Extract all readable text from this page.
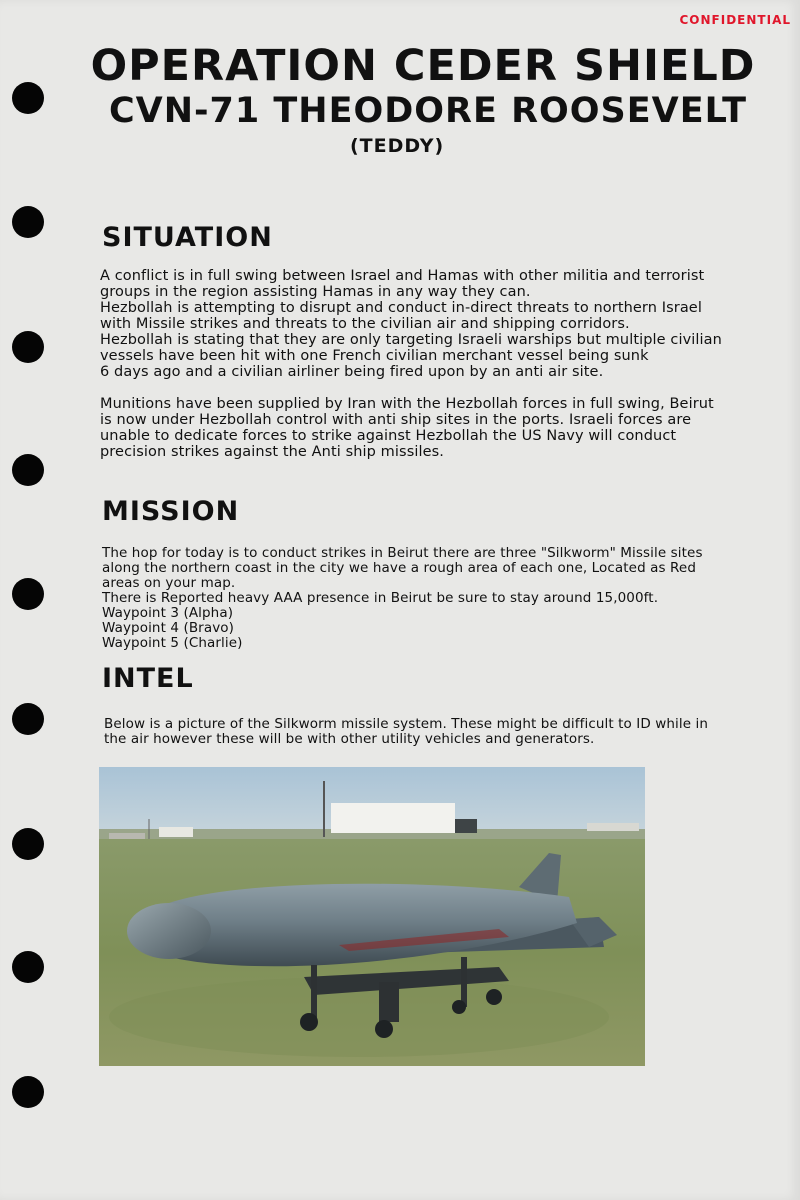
CONFIDENTIAL
OPERATION CEDER SHIELD
CVN-71 THEODORE ROOSEVELT
(TEDDY)
SITUATION

A conflict is in full swing between Israel and Hamas with other militia and terrorist

groups in the region assisting Hamas in any way they can.

Hezbollah is attempting to disrupt and conduct in-direct threats to northern Israel

with Missile strikes and threats to the civilian air and shipping corridors.

Hezbollah is stating that they are only targeting Israeli warships but multiple civilian

vessels have been hit with one French civilian merchant vessel being sunk

6 days ago and a civilian airliner being fired upon by an anti air site.

Munitions have been supplied by Iran with the Hezbollah forces in full swing, Beirut

is now under Hezbollah control with anti ship sites in the ports. Israeli forces are

unable to dedicate forces to strike against Hezbollah the US Navy will conduct

precision strikes against the Anti ship missiles.

MISSION

The hop for today is to conduct strikes in Beirut there are three "Silkworm" Missile sites

along the northern coast in the city we have a rough area of each one, Located as Red

areas on your map.

There is Reported heavy AAA presence in Beirut be sure to stay around 15,000ft.

Waypoint 3 (Alpha)

Waypoint 4 (Bravo)

Waypoint 5 (Charlie)

INTEL

Below is a picture of the Silkworm missile system. These might be difficult to ID while in

the air however these will be with other utility vehicles and generators.
